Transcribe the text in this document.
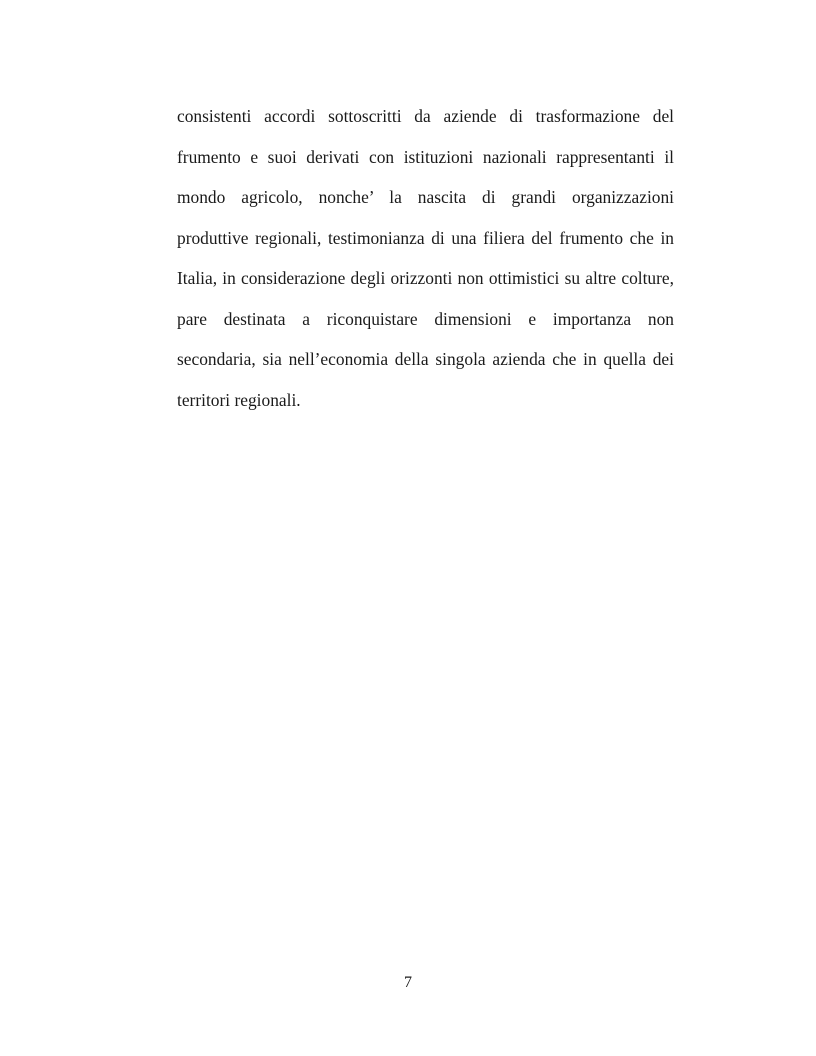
consistenti accordi sottoscritti da aziende di trasformazione del
frumento e suoi derivati con istituzioni nazionali rappresentanti il
mondo agricolo, nonche’ la nascita di grandi organizzazioni
produttive regionali, testimonianza di una filiera del frumento che in
Italia, in considerazione degli orizzonti non ottimistici su altre colture,
pare destinata a riconquistare dimensioni e importanza non
secondaria, sia nell’economia della singola azienda che in quella dei
territori regionali.
7
